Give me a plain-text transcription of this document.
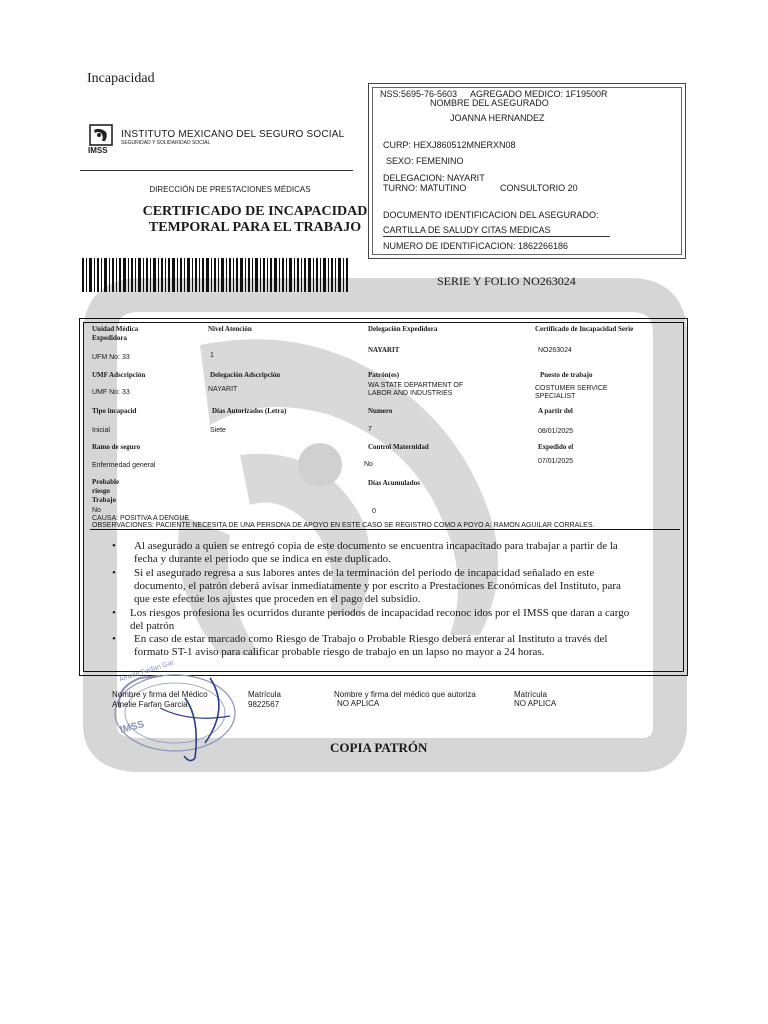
Incapacidad
IMSS
INSTITUTO MEXICANO DEL SEGURO SOCIAL
SEGURIDAD Y SOLIDARIDAD SOCIAL
DIRECCIÓN DE PRESTACIONES MÉDICAS
CERTIFICADO DE INCAPACIDAD
TEMPORAL PARA EL TRABAJO
NSS:5695-76-5603 AGREGADO MEDICO: 1F19500R
NOMBRE DEL ASEGURADO
JOANNA HERNANDEZ
CURP: HEXJ860512MNERXN08
SEXO: FEMENINO
DELEGACION: NAYARIT
TURNO: MATUTINO	CONSULTORIO 20
DOCUMENTO IDENTIFICACION DEL ASEGURADO:
CARTILLA DE SALUDY CITAS MEDICAS
NUMERO DE IDENTIFICACION: 1862266186
SERIE Y FOLIO NO263024
Unidad Médica Expedidora
UFM No: 33
Nivel Atención
1
Delegación Expedidora
NAYARIT
Certificado de Incapacidad Serie
NO263024
UMF Adscripción
UMF No: 33
Delegación Adscripción
NAYARIT
Patrón(es)
WA STATE DEPARTMENT OF
LABOR AND INDUSTRIES
Puesto de trabajo
COSTUMER SERVICE
SPECIALIST
Tipo incapacid
Inicial
Días Autorizados (Letra)
Siete
Numero
7
A partir del
08/01/2025
Ramo de seguro
Enfermedad general
Control Maternidad
No
Expedido el
07/01/2025
Probable
riesgo
Trabajo
No
Días Acumulados
0
CAUSA: POSITIVA A DENGUE
OBSERVACIONES: PACIENTE NECESITA DE UNA PERSONA DE APOYO EN ESTE CASO SE REGISTRO COMO A POYO A: RAMON AGUILAR CORRALES.
• Al asegurado a quien se entregó copia de este documento se encuentra incapacitado para trabajar a partir de la
fecha y durante el periodo que se indica en este duplicado.
• Si el asegurado regresa a sus labores antes de la terminación del periodo de incapacidad señalado en este
documento, el patrón deberá avisar inmediatamente y por escrito a Prestaciones Económicas del Instituto, para
que este efectúe los ajustes que proceden en el pago del subsidio.
• Los riesgos profesiona les ocurridos durante periodos de incapacidad reconoc idos por el IMSS que daran a cargo
del patrón
• En caso de estar marcado como Riesgo de Trabajo o Probable Riesgo deberá enterar al Instituto a través del
formato ST-1 aviso para calificar probable riesgo de trabajo en un lapso no mayor a 24 horas.
Amelie Farfan Gar
IMSS
Nombre y firma del Médico
Amelie Farfan Garcia
Matrícula
9822567
Nombre y firma del médico que autoriza
NO APLICA
Matrícula
NO APLICA
COPIA PATRÓN
